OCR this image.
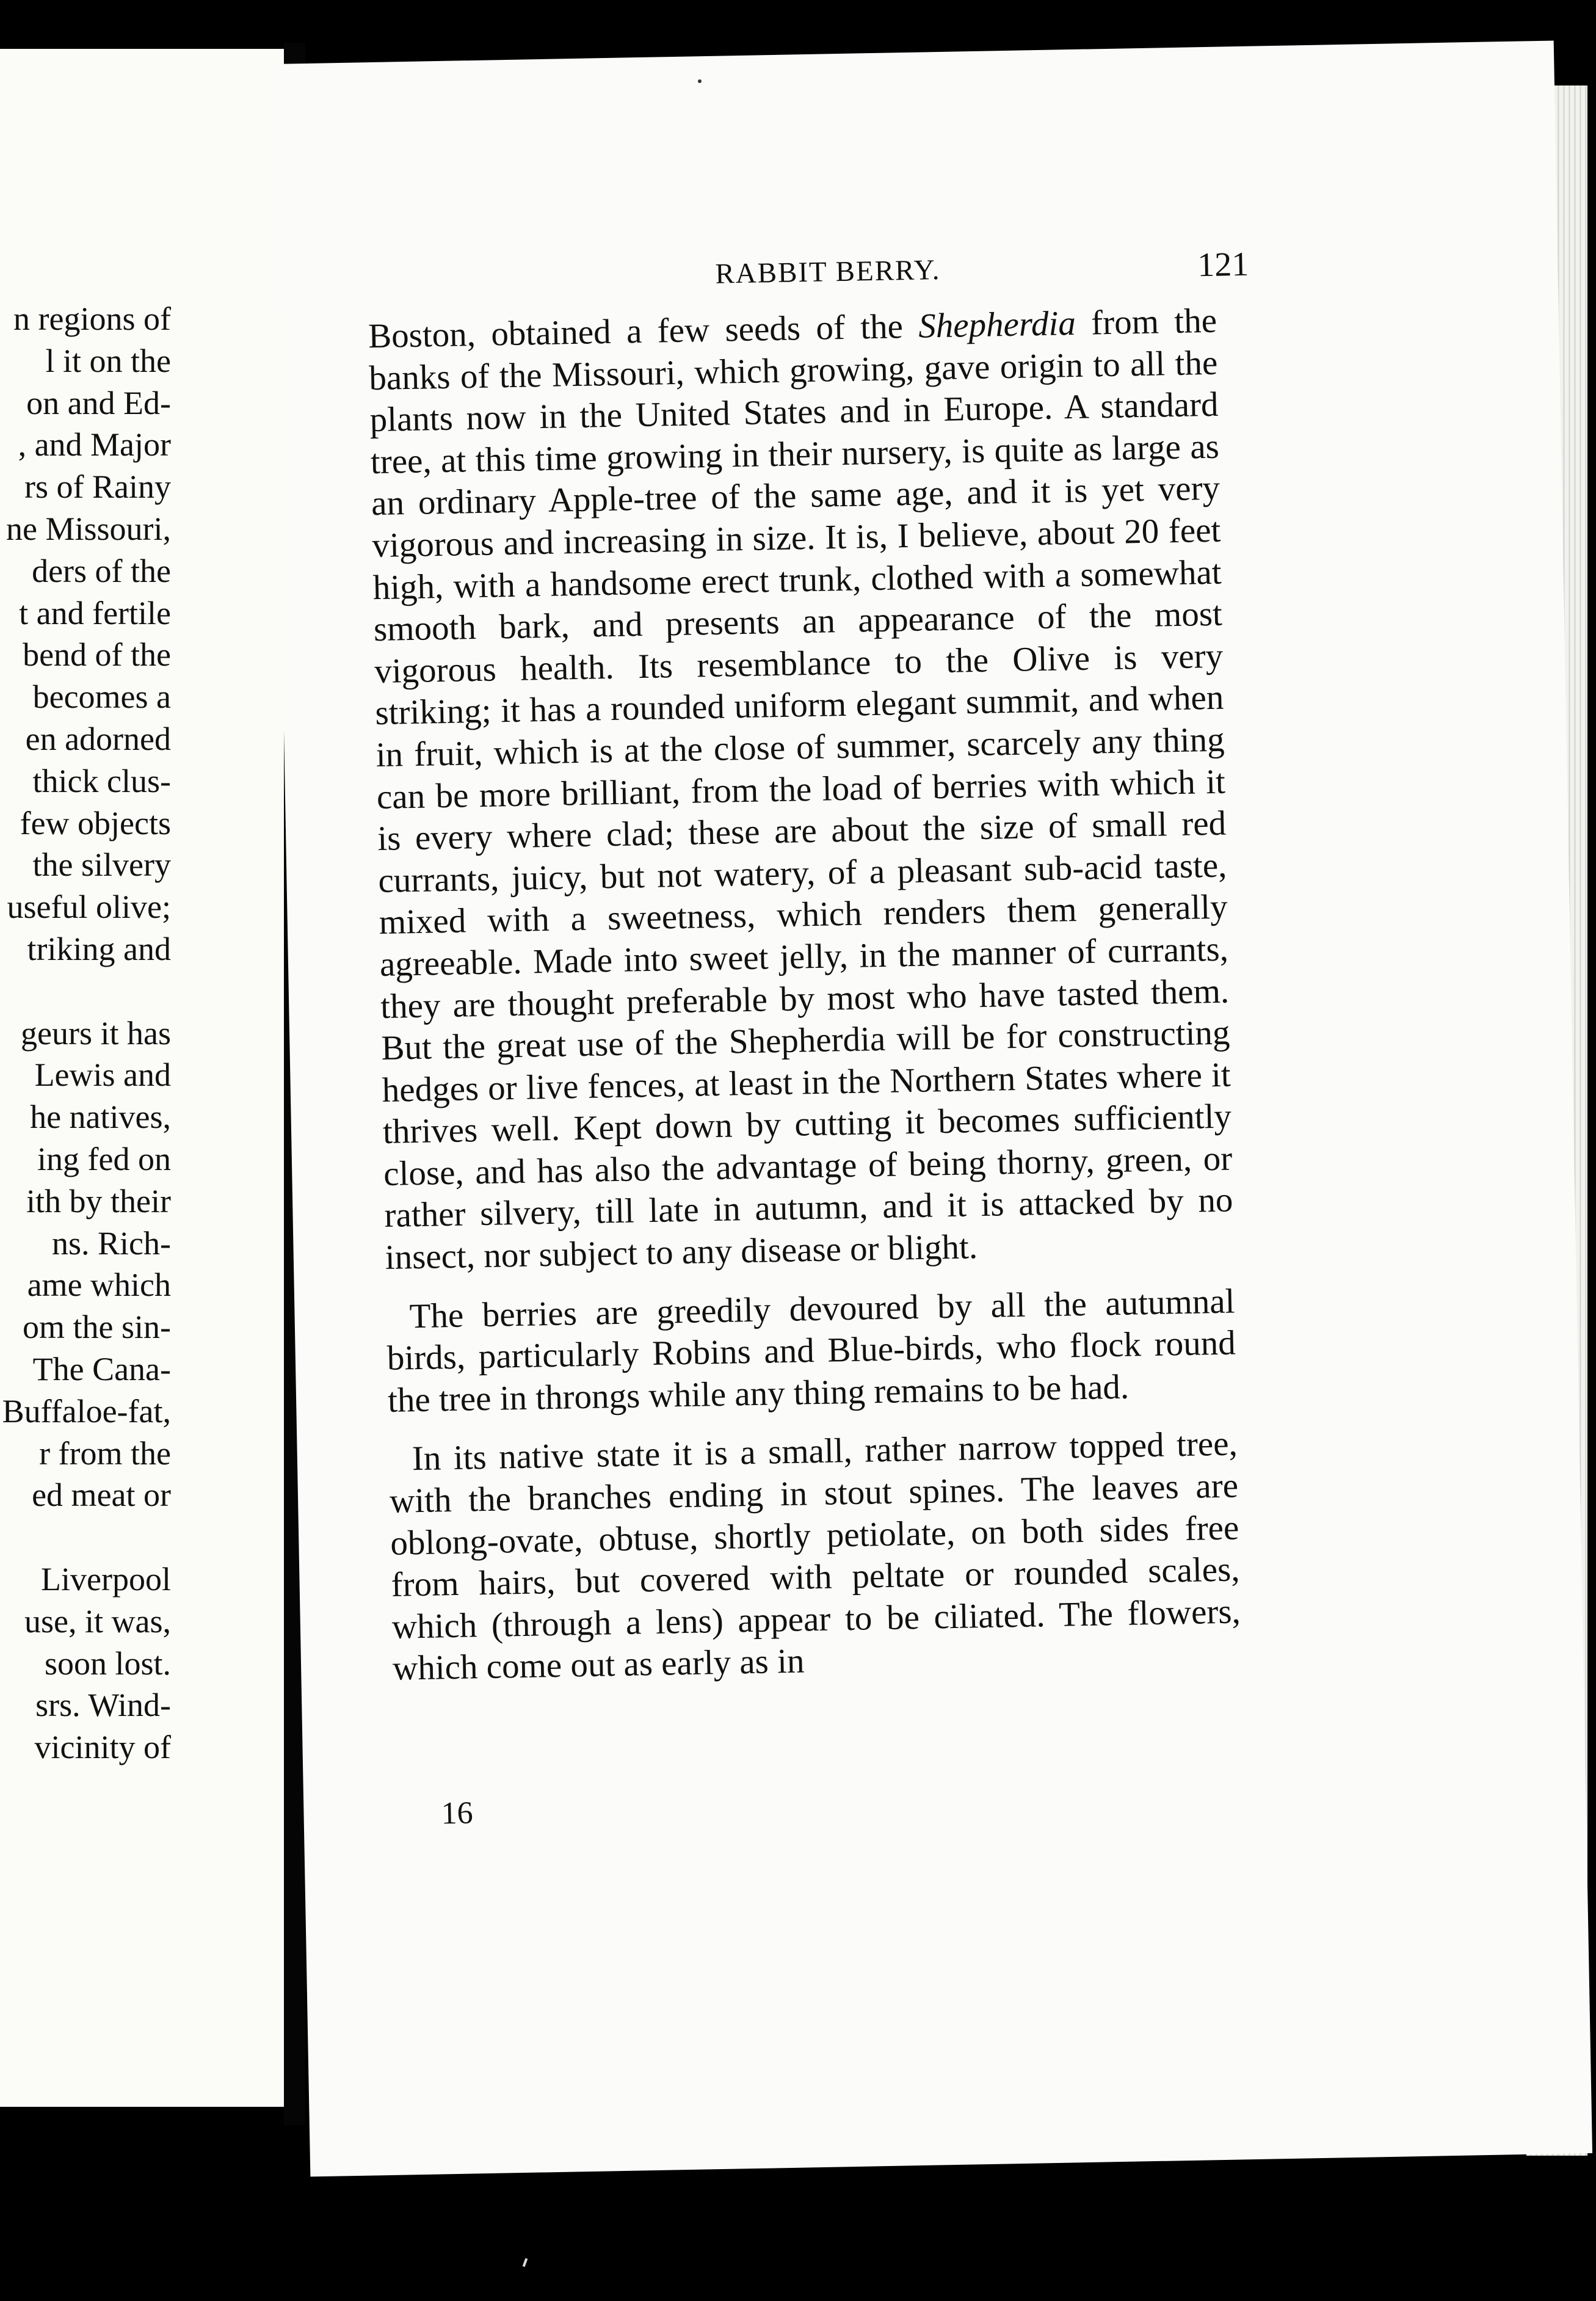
n regions of
l it on the
on and Ed-
, and Major
rs of Rainy
ne Missouri,
ders of the
t and fertile
bend of the
becomes a
en adorned
thick clus-
few objects
the silvery
useful olive;
triking and
geurs it has
Lewis and
he natives,
ing fed on
ith by their
ns. Rich-
ame which
om the sin-
The Cana-
Buffaloe-fat,
r from the
ed meat or
Liverpool
use, it was,
soon lost.
srs. Wind-
vicinity of
RABBIT BERRY.	121

Boston, obtained a few seeds of the Shepherdia from the banks of the Missouri, which growing, gave origin to all the plants now in the United States and in Europe. A standard tree, at this time growing in their nursery, is quite as large as an ordinary Apple-tree of the same age, and it is yet very vigorous and increasing in size. It is, I believe, about 20 feet high, with a handsome erect trunk, clothed with a somewhat smooth bark, and presents an appearance of the most vigorous health. Its resemblance to the Olive is very striking; it has a rounded uniform elegant summit, and when in fruit, which is at the close of summer, scarcely any thing can be more brilliant, from the load of berries with which it is every where clad; these are about the size of small red currants, juicy, but not watery, of a pleasant sub-acid taste, mixed with a sweetness, which renders them generally agreeable. Made into sweet jelly, in the manner of currants, they are thought preferable by most who have tasted them. But the great use of the Shepherdia will be for constructing hedges or live fences, at least in the Northern States where it thrives well. Kept down by cutting it becomes sufficiently close, and has also the advantage of being thorny, green, or rather silvery, till late in autumn, and it is attacked by no insect, nor subject to any disease or blight.

The berries are greedily devoured by all the autumnal birds, particularly Robins and Blue-birds, who flock round the tree in throngs while any thing remains to be had.

In its native state it is a small, rather narrow topped tree, with the branches ending in stout spines. The leaves are oblong-ovate, obtuse, shortly petiolate, on both sides free from hairs, but covered with peltate or rounded scales, which (through a lens) appear to be ciliated. The flowers, which come out as early as in

16
